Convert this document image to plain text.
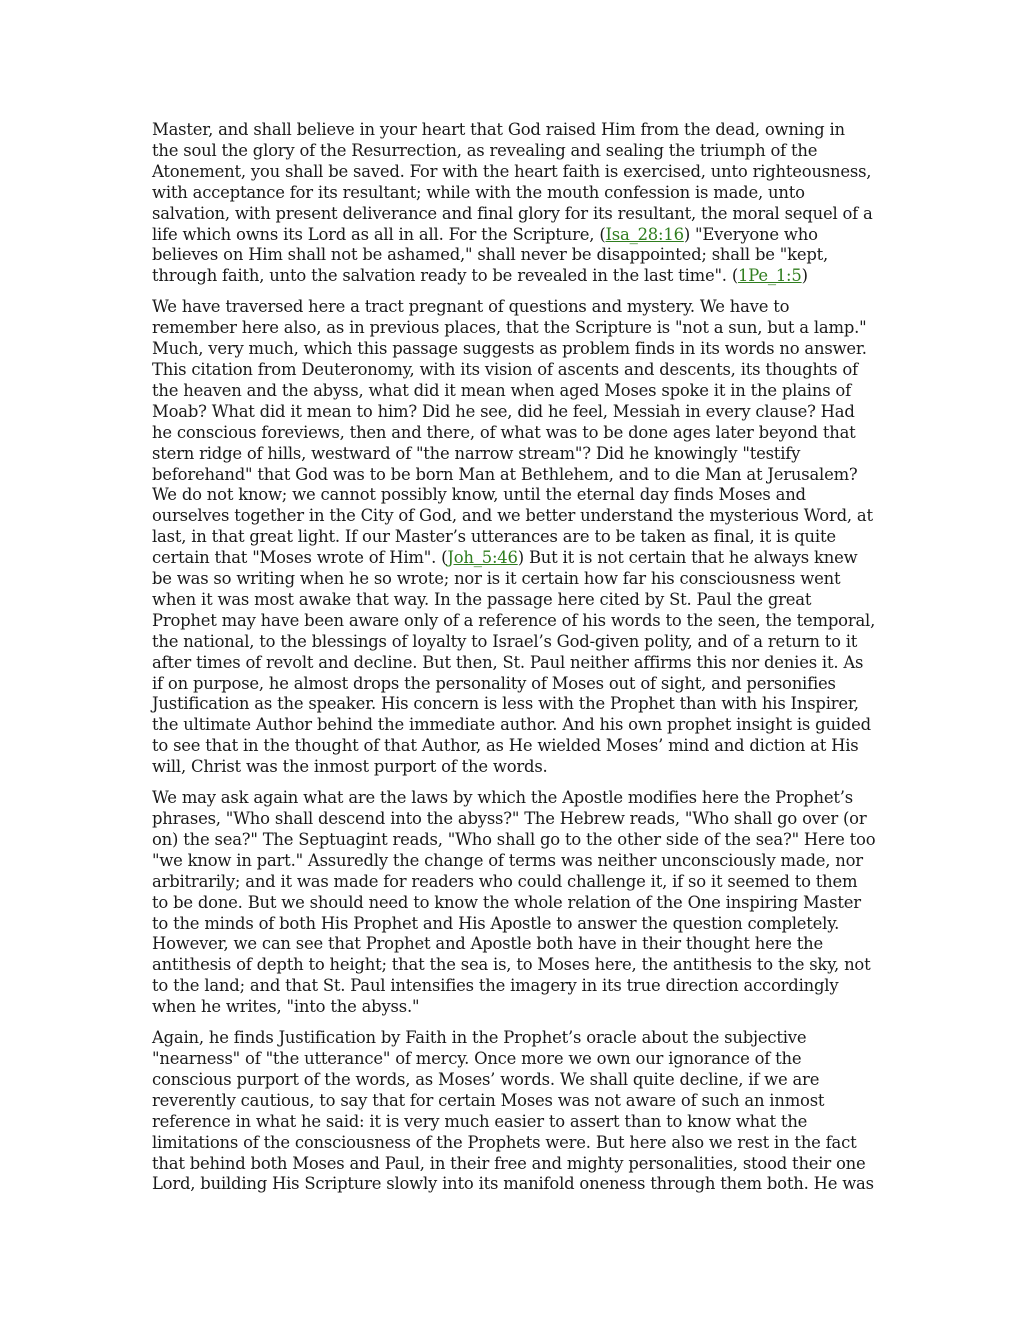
Master, and shall believe in your heart that God raised Him from the dead, owning in the soul the glory of the Resurrection, as revealing and sealing the triumph of the Atonement, you shall be saved. For with the heart faith is exercised, unto righteousness, with acceptance for its resultant; while with the mouth confession is made, unto salvation, with present deliverance and final glory for its resultant, the moral sequel of a life which owns its Lord as all in all. For the Scripture, (Isa_28:16) "Everyone who believes on Him shall not be ashamed," shall never be disappointed; shall be "kept, through faith, unto the salvation ready to be revealed in the last time". (1Pe_1:5)

We have traversed here a tract pregnant of questions and mystery. We have to remember here also, as in previous places, that the Scripture is "not a sun, but a lamp." Much, very much, which this passage suggests as problem finds in its words no answer. This citation from Deuteronomy, with its vision of ascents and descents, its thoughts of the heaven and the abyss, what did it mean when aged Moses spoke it in the plains of Moab? What did it mean to him? Did he see, did he feel, Messiah in every clause? Had he conscious foreviews, then and there, of what was to be done ages later beyond that stern ridge of hills, westward of "the narrow stream"? Did he knowingly "testify beforehand" that God was to be born Man at Bethlehem, and to die Man at Jerusalem? We do not know; we cannot possibly know, until the eternal day finds Moses and ourselves together in the City of God, and we better understand the mysterious Word, at last, in that great light. If our Master’s utterances are to be taken as final, it is quite certain that "Moses wrote of Him". (Joh_5:46) But it is not certain that he always knew be was so writing when he so wrote; nor is it certain how far his consciousness went when it was most awake that way. In the passage here cited by St. Paul the great Prophet may have been aware only of a reference of his words to the seen, the temporal, the national, to the blessings of loyalty to Israel’s God-given polity, and of a return to it after times of revolt and decline. But then, St. Paul neither affirms this nor denies it. As if on purpose, he almost drops the personality of Moses out of sight, and personifies Justification as the speaker. His concern is less with the Prophet than with his Inspirer, the ultimate Author behind the immediate author. And his own prophet insight is guided to see that in the thought of that Author, as He wielded Moses’ mind and diction at His will, Christ was the inmost purport of the words.

We may ask again what are the laws by which the Apostle modifies here the Prophet’s phrases, "Who shall descend into the abyss?" The Hebrew reads, "Who shall go over (or on) the sea?" The Septuagint reads, "Who shall go to the other side of the sea?" Here too "we know in part." Assuredly the change of terms was neither unconsciously made, nor arbitrarily; and it was made for readers who could challenge it, if so it seemed to them to be done. But we should need to know the whole relation of the One inspiring Master to the minds of both His Prophet and His Apostle to answer the question completely. However, we can see that Prophet and Apostle both have in their thought here the antithesis of depth to height; that the sea is, to Moses here, the antithesis to the sky, not to the land; and that St. Paul intensifies the imagery in its true direction accordingly when he writes, "into the abyss."

Again, he finds Justification by Faith in the Prophet’s oracle about the subjective "nearness" of "the utterance" of mercy. Once more we own our ignorance of the conscious purport of the words, as Moses’ words. We shall quite decline, if we are reverently cautious, to say that for certain Moses was not aware of such an inmost reference in what he said: it is very much easier to assert than to know what the limitations of the consciousness of the Prophets were. But here also we rest in the fact that behind both Moses and Paul, in their free and mighty personalities, stood their one Lord, building His Scripture slowly into its manifold oneness through them both. He was
